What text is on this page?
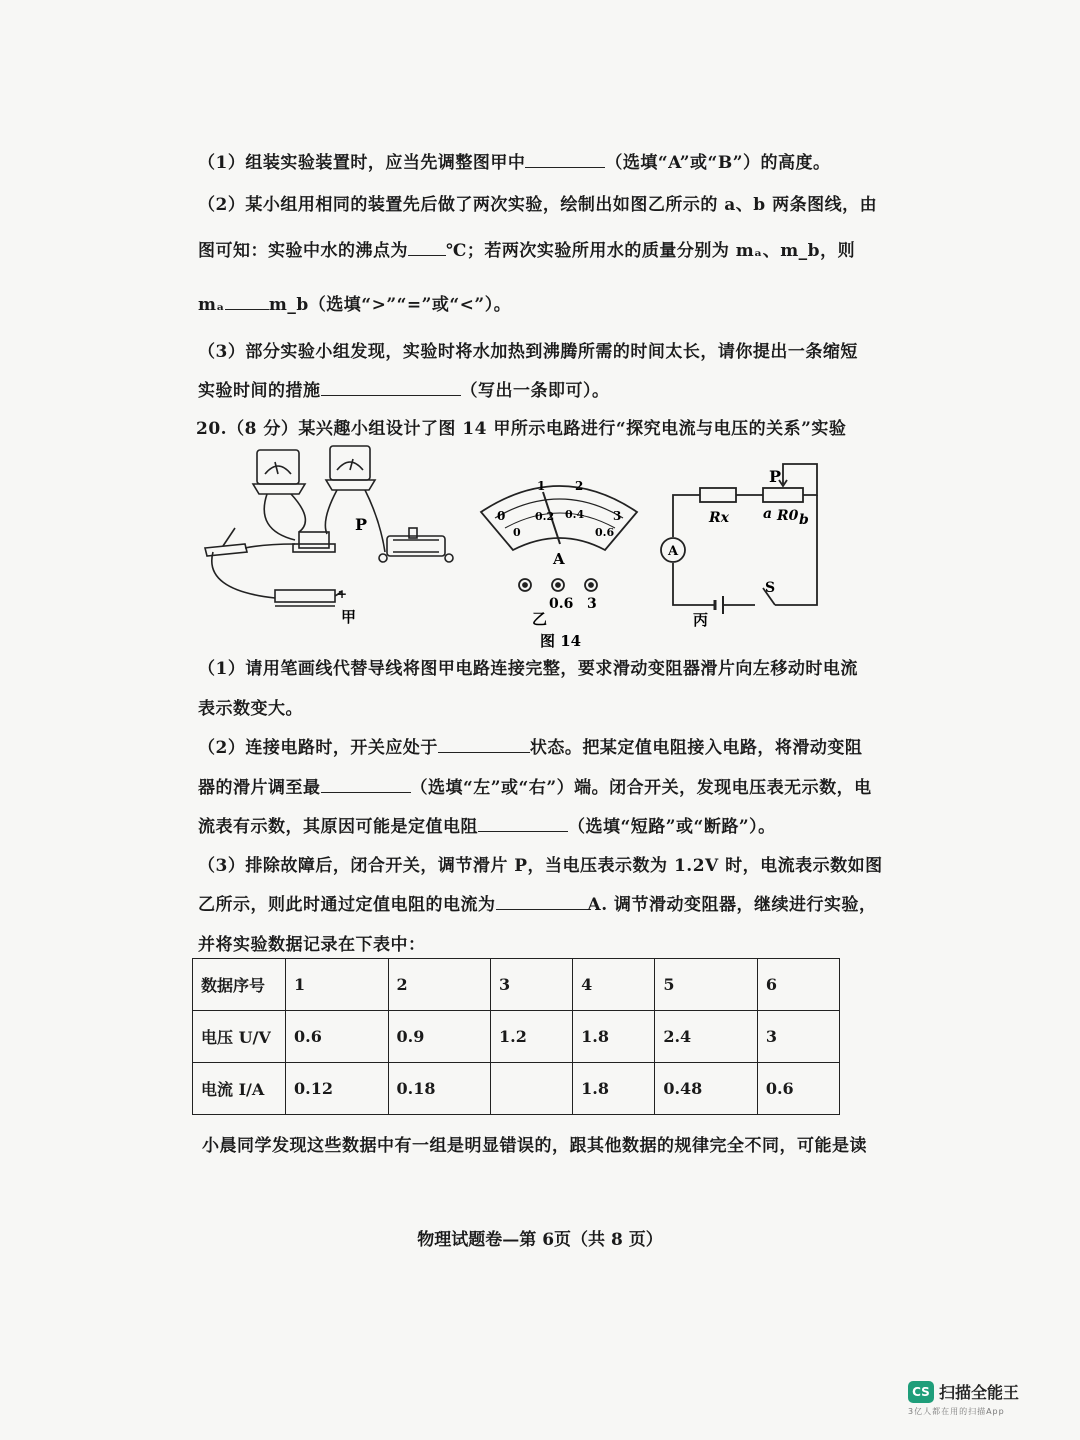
（1）组装实验装置时，应当先调整图甲中	（选填“A”或“B”）的高度。
（2）某小组用相同的装置先后做了两次实验，绘制出如图乙所示的 a、b 两条图线，由
图可知：实验中水的沸点为 ℃；若两次实验所用水的质量分别为 mₐ、m_b，则
mₐ	m_b（选填“>”“=”或“<”）。
（3）部分实验小组发现，实验时将水加热到沸腾所需的时间太长，请你提出一条缩短
实验时间的措施	（写出一条即可）。
20.（8 分）某兴趣小组设计了图 14 甲所示电路进行“探究电流与电压的关系”实验
P
甲
+
0
1 2
3
0
0.2 0.4
0.6
A
0.6 3
乙
A
P
Rx a R0 b
S
丙
图 14
（1）请用笔画线代替导线将图甲电路连接完整，要求滑动变阻器滑片向左移动时电流
表示数变大。
（2）连接电路时，开关应处于	状态。把某定值电阻接入电路，将滑动变阻
器的滑片调至最	（选填“左”或“右”）端。闭合开关，发现电压表无示数，电
流表有示数，其原因可能是定值电阻	（选填“短路”或“断路”）。
（3）排除故障后，闭合开关，调节滑片 P，当电压表示数为 1.2V 时，电流表示数如图
乙所示，则此时通过定值电阻的电流为	A. 调节滑动变阻器，继续进行实验，
并将实验数据记录在下表中：
数据序号	1	2	3	4	5	6
电压 U/V	0.6	0.9	1.2	1.8	2.4	3
电流 I/A	0.12	0.18		1.8	0.48	0.6
小晨同学发现这些数据中有一组是明显错误的，跟其他数据的规律完全不同，可能是读
物理试题卷—第 6页（共 8 页）
CS 扫描全能王
3亿人都在用的扫描App
